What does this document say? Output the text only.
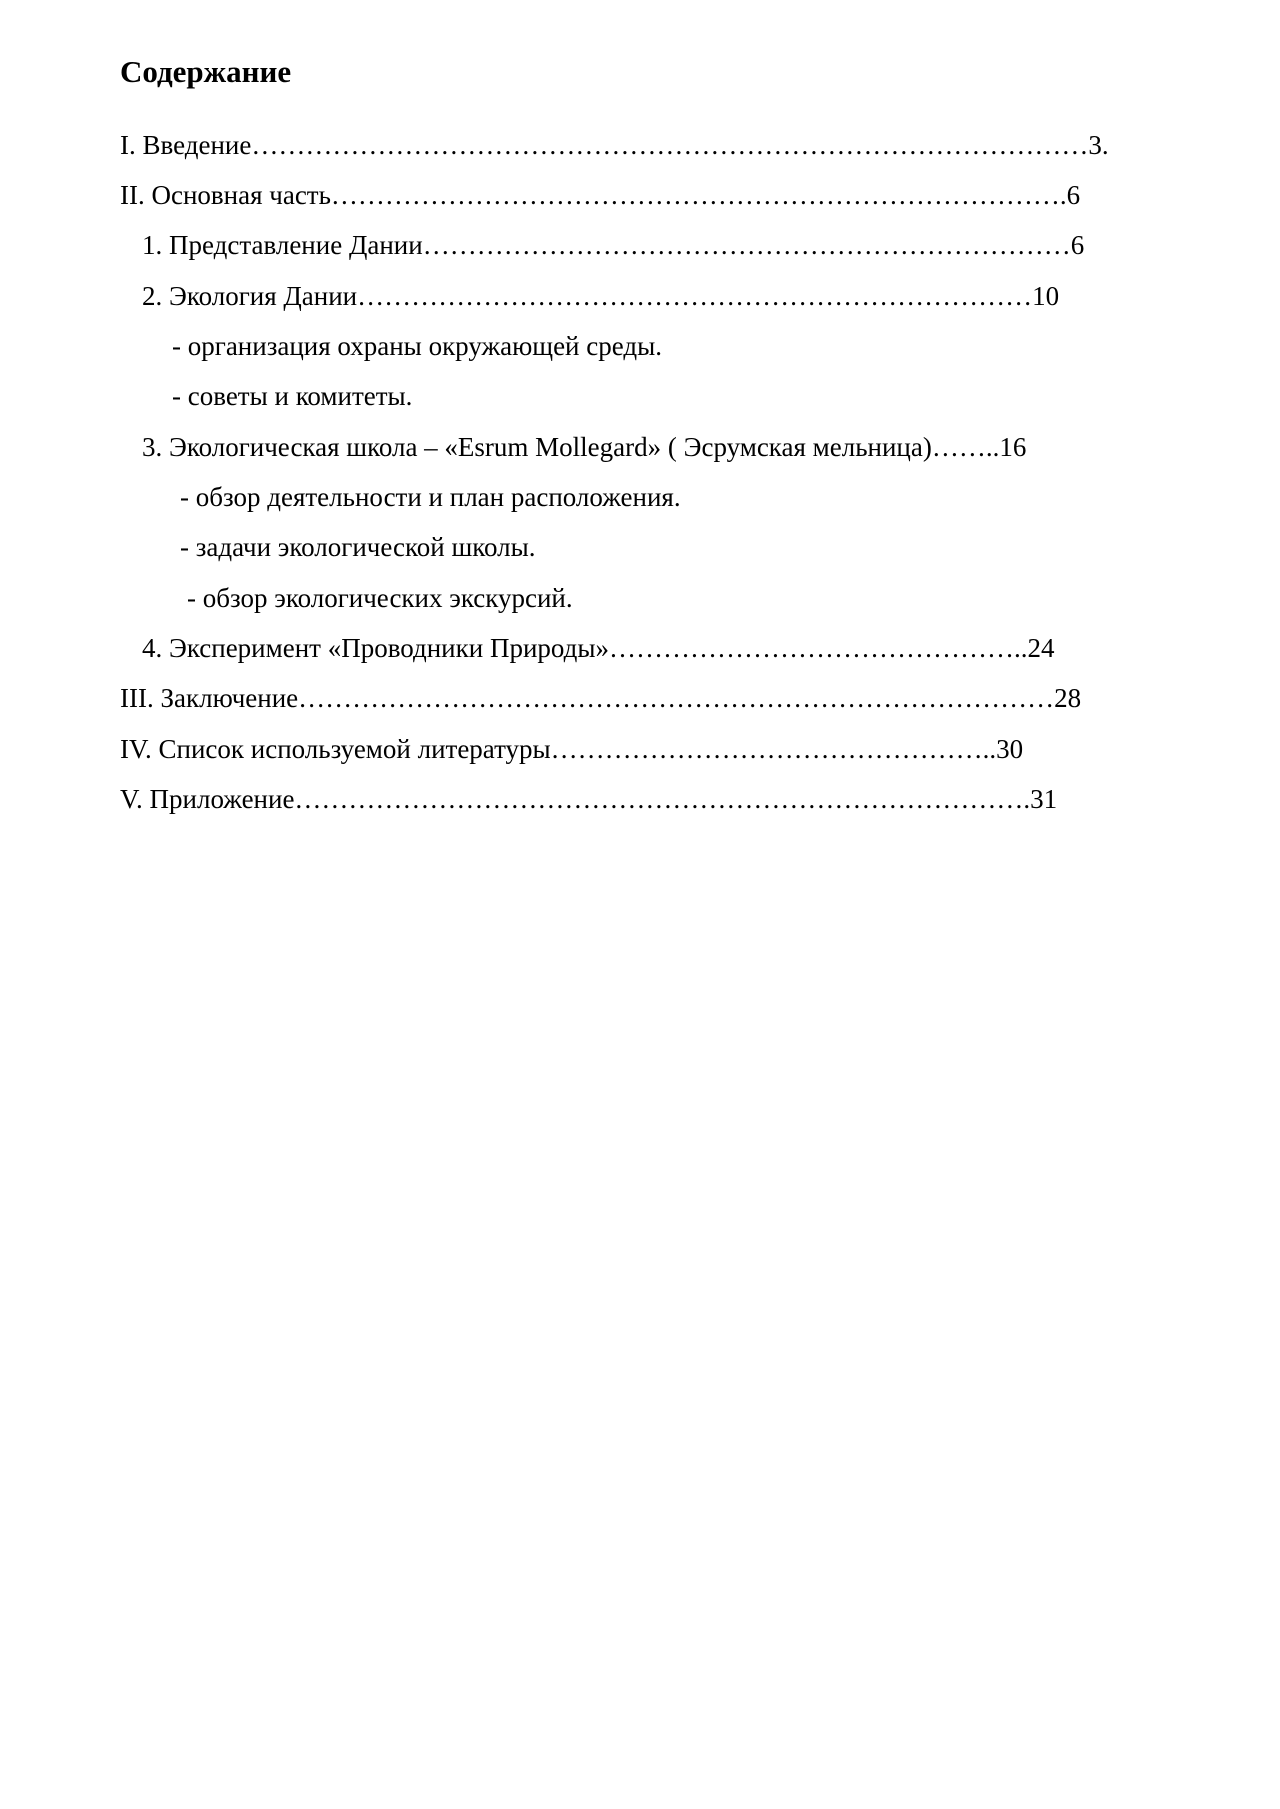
Содержание
I. Введение…………………………………………………………………………………3.
II. Основная часть……………………………………………………………………….6
1. Представление Дании………………………………………………………………6
2. Экология Дании…………………………………………………………………10
- организация охраны окружающей среды.
- советы и комитеты.
3. Экологическая школа – «Esrum Mollegard» ( Эсрумская мельница)……..16
- обзор деятельности и план расположения.
- задачи экологической школы.
- обзор экологических экскурсий.
4. Эксперимент «Проводники Природы»………………………………………..24
III. Заключение…………………………………………………………………………28
IV. Список используемой литературы…………………………………………..30
V. Приложение……………………………………………………………………….31
